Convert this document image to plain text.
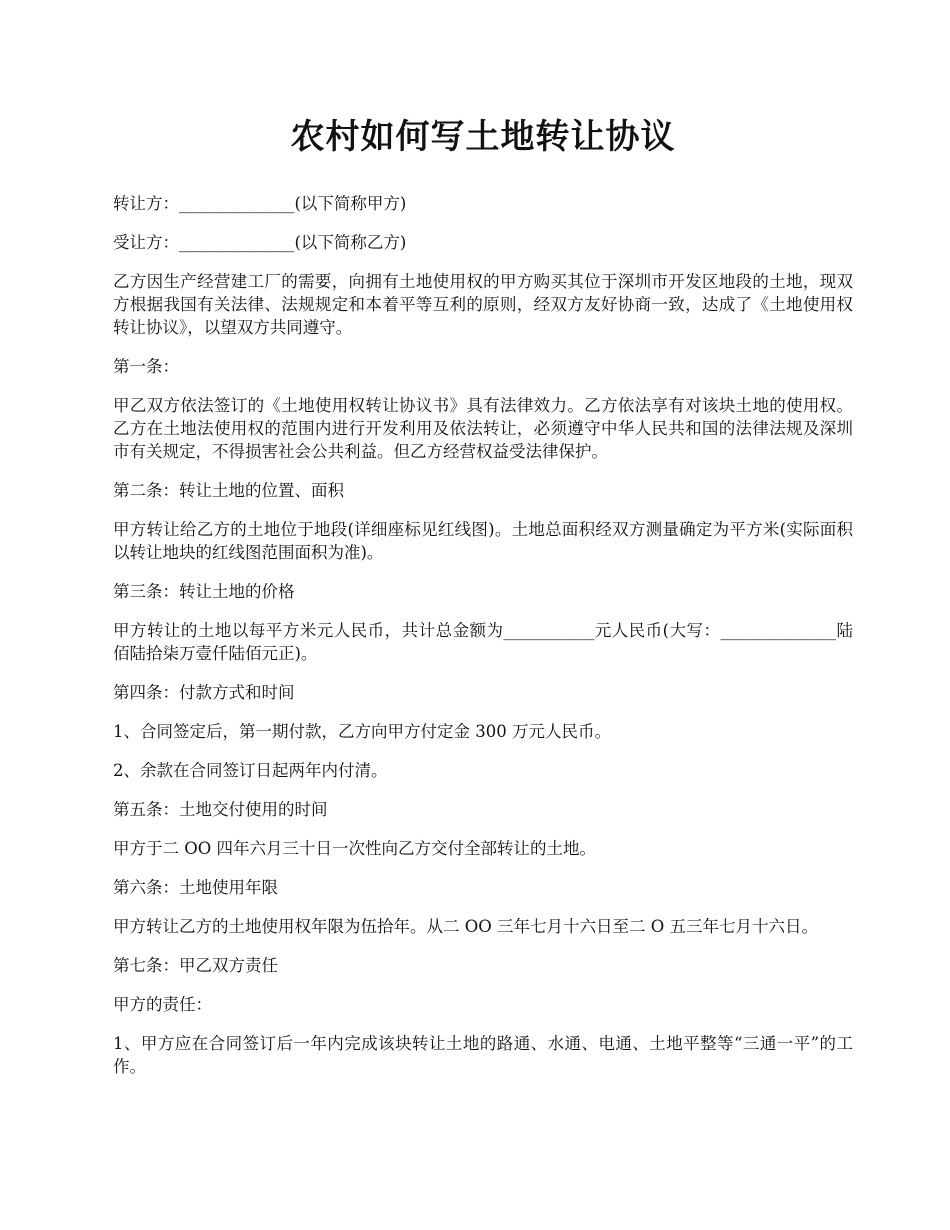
农村如何写土地转让协议

转让方：______________(以下简称甲方)

受让方：______________(以下简称乙方)

乙方因生产经营建工厂的需要，向拥有土地使用权的甲方购买其位于深圳市开发区地段的土地，现双方根据我国有关法律、法规规定和本着平等互利的原则，经双方友好协商一致，达成了《土地使用权转让协议》，以望双方共同遵守。

第一条：

甲乙双方依法签订的《土地使用权转让协议书》具有法律效力。乙方依法享有对该块土地的使用权。乙方在土地法使用权的范围内进行开发利用及依法转让，必须遵守中华人民共和国的法律法规及深圳市有关规定，不得损害社会公共利益。但乙方经营权益受法律保护。

第二条：转让土地的位置、面积

甲方转让给乙方的土地位于地段(详细座标见红线图)。土地总面积经双方测量确定为平方米(实际面积以转让地块的红线图范围面积为准)。

第三条：转让土地的价格

甲方转让的土地以每平方米元人民币，共计总金额为___________元人民币(大写：______________陆佰陆拾柒万壹仟陆佰元正)。

第四条：付款方式和时间

1、合同签定后，第一期付款，乙方向甲方付定金 300 万元人民币。

2、余款在合同签订日起两年内付清。

第五条：土地交付使用的时间

甲方于二 OO 四年六月三十日一次性向乙方交付全部转让的土地。

第六条：土地使用年限

甲方转让乙方的土地使用权年限为伍拾年。从二 OO 三年七月十六日至二 O 五三年七月十六日。

第七条：甲乙双方责任

甲方的责任：

1、甲方应在合同签订后一年内完成该块转让土地的路通、水通、电通、土地平整等“三通一平”的工作。
